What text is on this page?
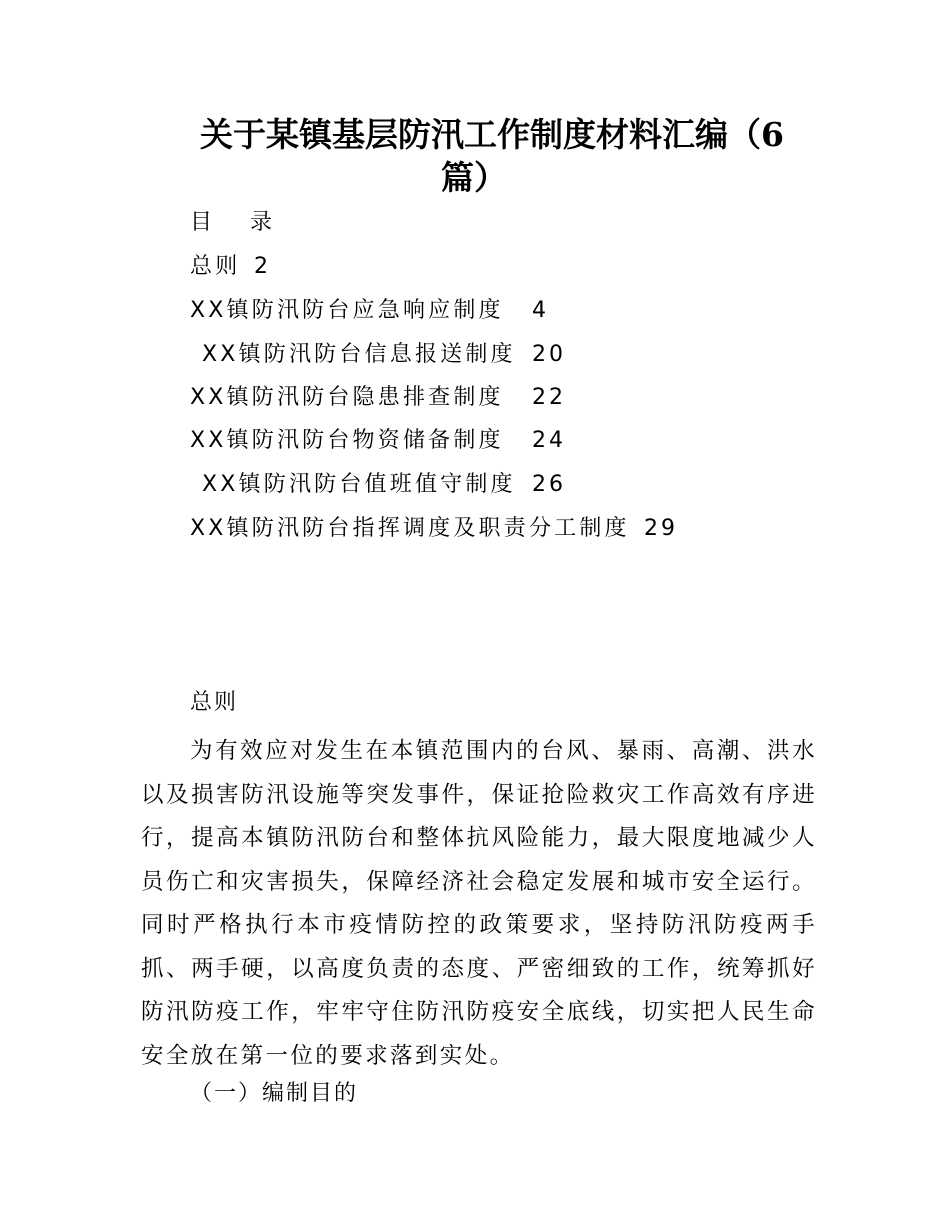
关于某镇基层防汛工作制度材料汇编（6
篇）
目    录
总则 2
XX镇防汛防台应急响应制度 4
XX镇防汛防台信息报送制度 20
XX镇防汛防台隐患排查制度 22
XX镇防汛防台物资储备制度 24
XX镇防汛防台值班值守制度 26
XX镇防汛防台指挥调度及职责分工制度 29
总则
为有效应对发生在本镇范围内的台风、暴雨、高潮、洪水以及损害防汛设施等突发事件，保证抢险救灾工作高效有序进行，提高本镇防汛防台和整体抗风险能力，最大限度地减少人员伤亡和灾害损失，保障经济社会稳定发展和城市安全运行。同时严格执行本市疫情防控的政策要求，坚持防汛防疫两手抓、两手硬，以高度负责的态度、严密细致的工作，统筹抓好防汛防疫工作，牢牢守住防汛防疫安全底线，切实把人民生命安全放在第一位的要求落到实处。
（一）编制目的
